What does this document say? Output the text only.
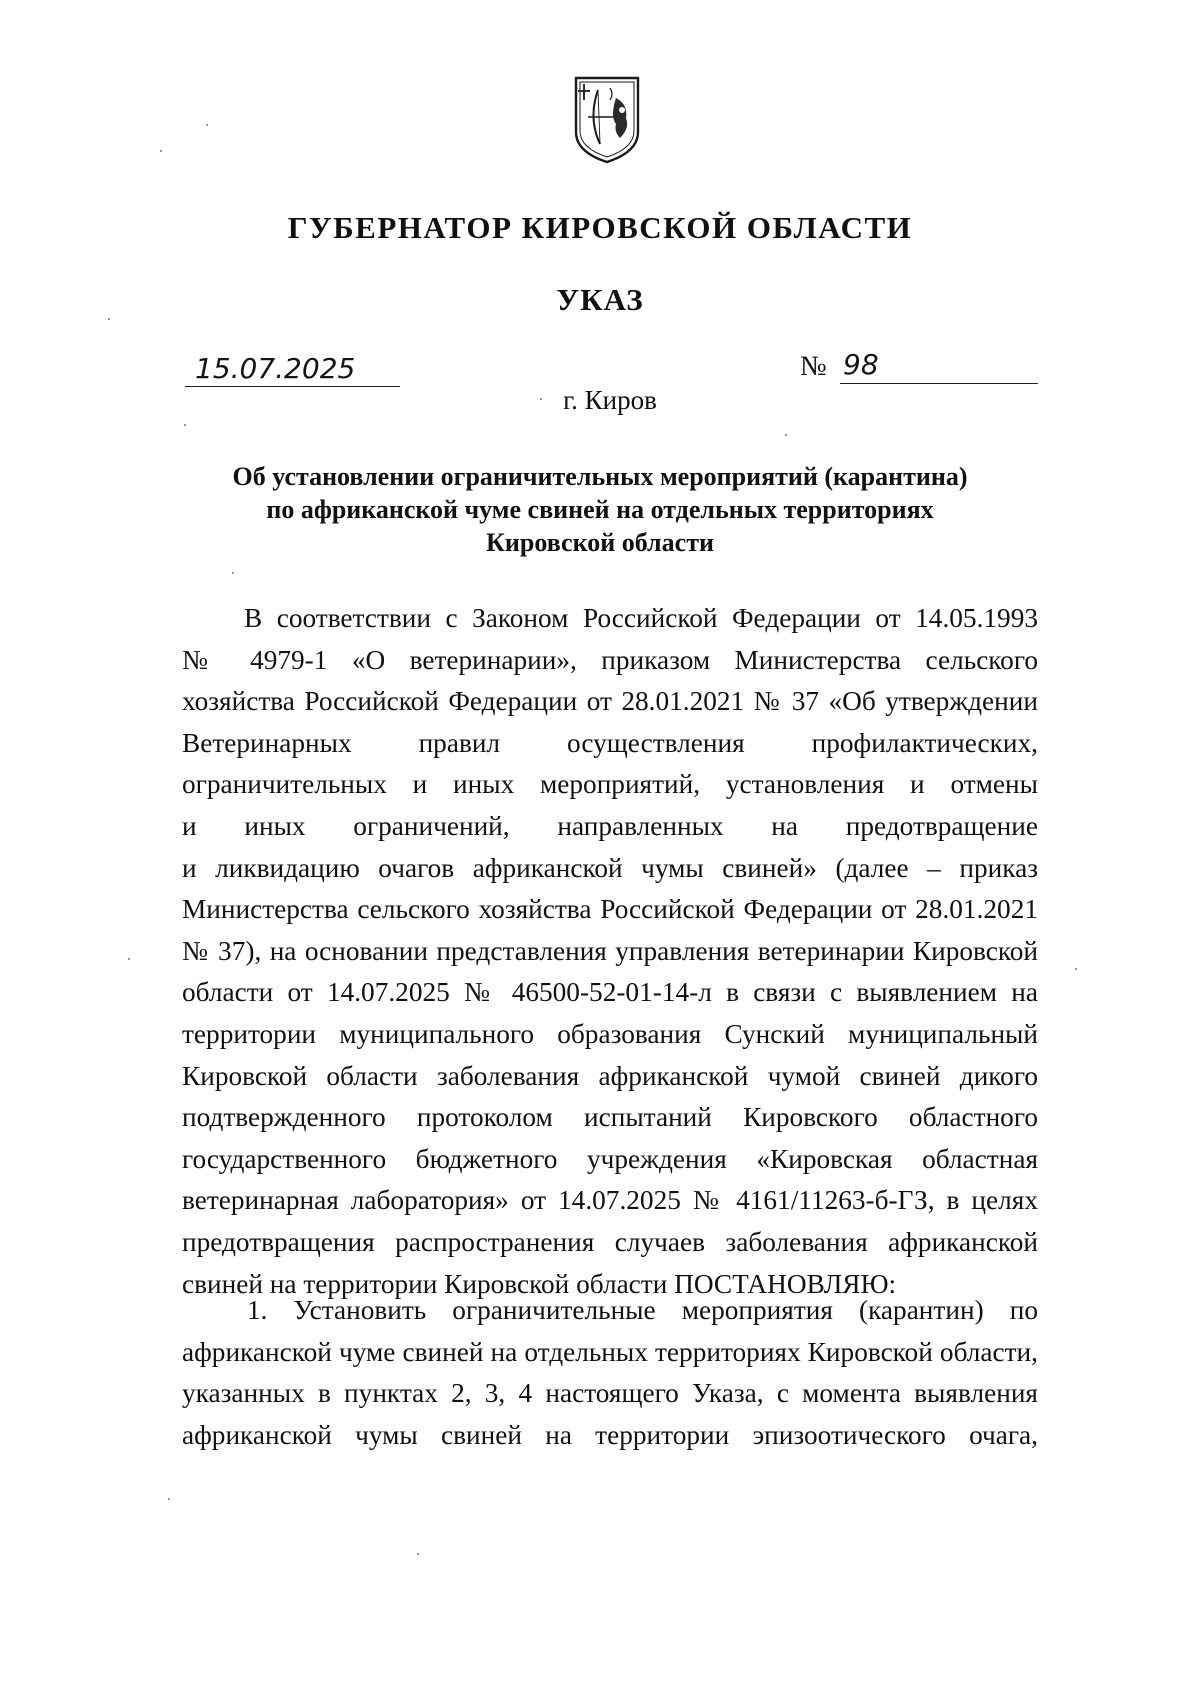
ГУБЕРНАТОР КИРОВСКОЙ ОБЛАСТИ
УКАЗ
15.07.2025	№ 98
г. Киров
Об установлении ограничительных мероприятий (карантина)
по африканской чуме свиней на отдельных территориях
Кировской области
В соответствии с Законом Российской Федерации от 14.05.1993
№ 4979-1 «О ветеринарии», приказом Министерства сельского
хозяйства Российской Федерации от 28.01.2021 № 37 «Об утверждении
Ветеринарных правил осуществления профилактических,
ограничительных и иных мероприятий, установления и отмены
и иных ограничений, направленных на предотвращение
и ликвидацию очагов африканской чумы свиней» (далее – приказ
Министерства сельского хозяйства Российской Федерации от 28.01.2021
№ 37), на основании представления управления ветеринарии Кировской
области от 14.07.2025 № 46500-52-01-14-л в связи с выявлением на
территории муниципального образования Сунский муниципальный
Кировской области заболевания африканской чумой свиней дикого
подтвержденного протоколом испытаний Кировского областного
государственного бюджетного учреждения «Кировская областная
ветеринарная лаборатория» от 14.07.2025 № 4161/11263-б-ГЗ, в целях
предотвращения распространения случаев заболевания африканской
свиней на территории Кировской области ПОСТАНОВЛЯЮ:
1. Установить ограничительные мероприятия (карантин) по
африканской чуме свиней на отдельных территориях Кировской области,
указанных в пунктах 2, 3, 4 настоящего Указа, с момента выявления
африканской чумы свиней на территории эпизоотического очага,
